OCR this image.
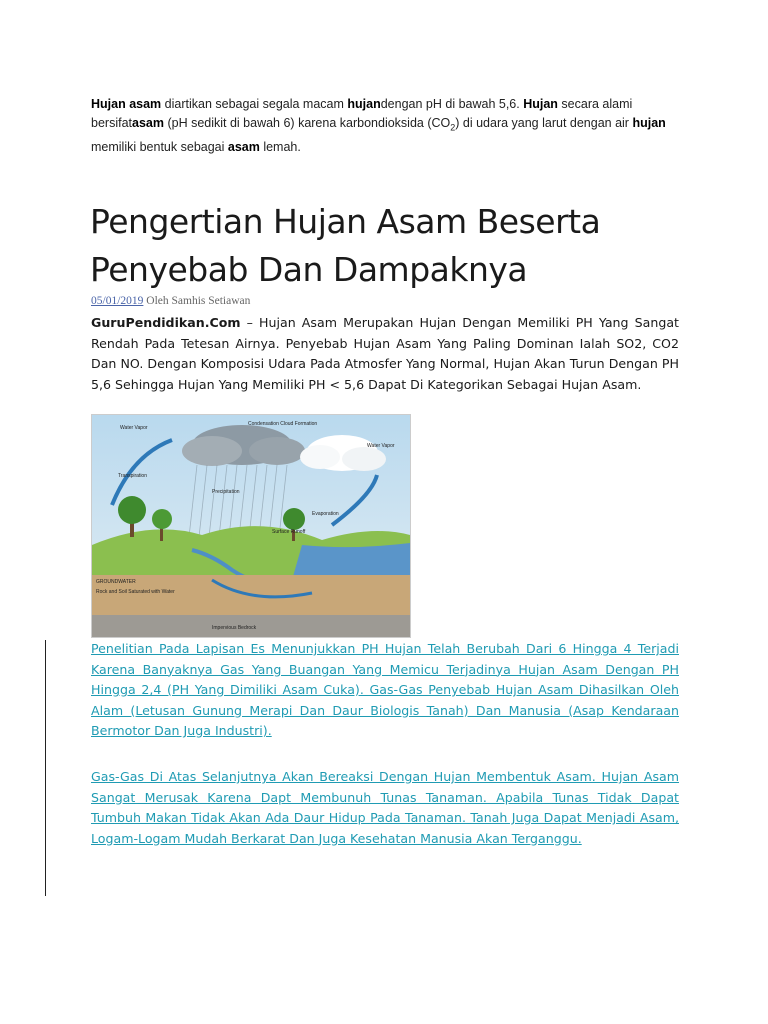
Hujan asam diartikan sebagai segala macam hujandengan pH di bawah 5,6. Hujan secara alami bersifatasam (pH sedikit di bawah 6) karena karbondioksida $(CO_2)$ di udara yang larut dengan air hujan memiliki bentuk sebagai asam lemah.
Pengertian Hujan Asam Beserta Penyebab Dan Dampaknya
05/01/2019 Oleh Samhis Setiawan
GuruPendidikan.Com – Hujan Asam Merupakan Hujan Dengan Memiliki PH Yang Sangat Rendah Pada Tetesan Airnya. Penyebab Hujan Asam Yang Paling Dominan Ialah SO2, CO2 Dan NO. Dengan Komposisi Udara Pada Atmosfer Yang Normal, Hujan Akan Turun Dengan PH 5,6 Sehingga Hujan Yang Memiliki PH < 5,6 Dapat Di Kategorikan Sebagai Hujan Asam.
Water Vapor
Condensation Cloud Formation
Water Vapor
Transpiration
Precipitation
Evaporation
Surface Runoff
GROUNDWATER
Rock and Soil Saturated with Water
Impervious Bedrock
Penelitian Pada Lapisan Es Menunjukkan PH Hujan Telah Berubah Dari 6 Hingga 4 Terjadi Karena Banyaknya Gas Yang Buangan Yang Memicu Terjadinya Hujan Asam Dengan PH Hingga 2,4 (PH Yang Dimiliki Asam Cuka). Gas-Gas Penyebab Hujan Asam Dihasilkan Oleh Alam (Letusan Gunung Merapi Dan Daur Biologis Tanah) Dan Manusia (Asap Kendaraan Bermotor Dan Juga Industri).
Gas-Gas Di Atas Selanjutnya Akan Bereaksi Dengan Hujan Membentuk Asam. Hujan Asam Sangat Merusak Karena Dapt Membunuh Tunas Tanaman. Apabila Tunas Tidak Dapat Tumbuh Makan Tidak Akan Ada Daur Hidup Pada Tanaman. Tanah Juga Dapat Menjadi Asam, Logam-Logam Mudah Berkarat Dan Juga Kesehatan Manusia Akan Terganggu.
